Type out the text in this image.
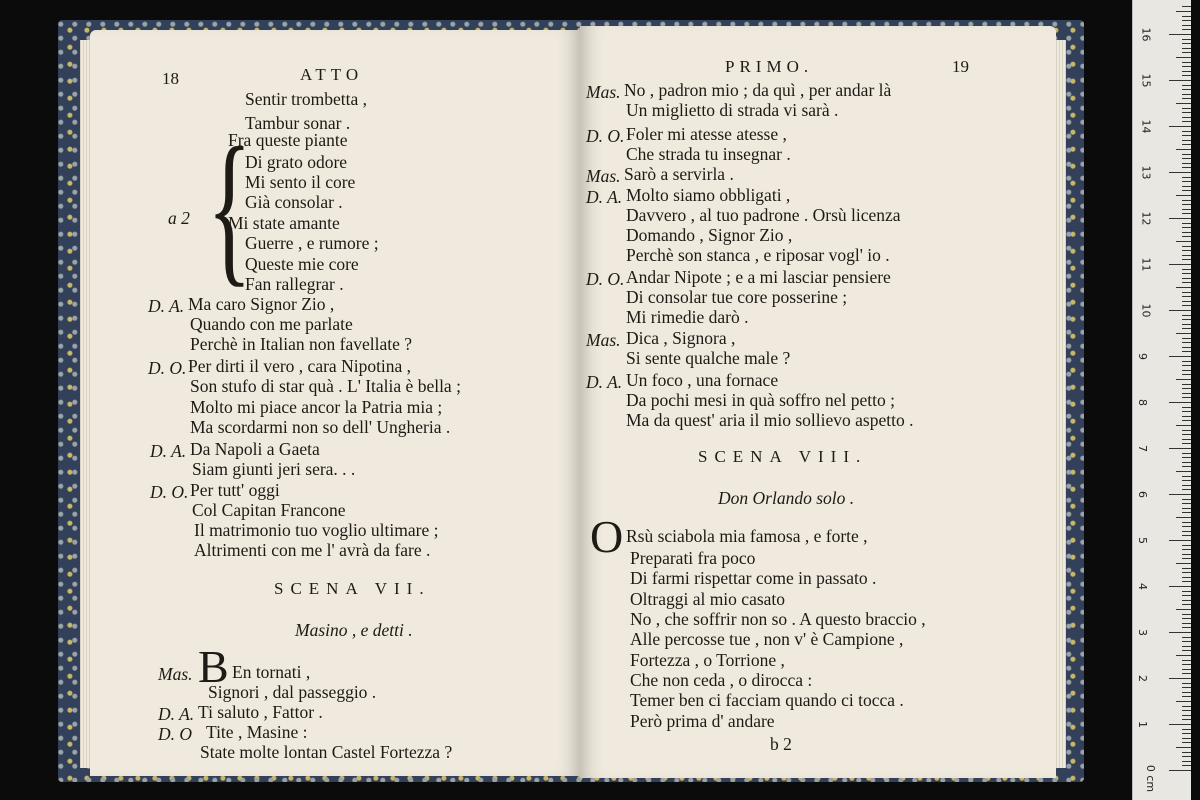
18	ATTO
Sentir trombetta ,
Tambur sonar .
{
a 2
Fra queste piante
Di grato odore
Mi sento il core
Già consolar .
Mi state amante
Guerre , e rumore ;
Queste mie core
Fan rallegrar .
D. A. Ma caro Signor Zio ,
Quando con me parlate
Perchè in Italian non favellate ?
D. O. Per dirti il vero , cara Nipotina ,
Son stufo di star quà . L' Italia è bella ;
Molto mi piace ancor la Patria mia ;
Ma scordarmi non so dell' Ungheria .
D. A. Da Napoli a Gaeta
Siam giunti jeri sera. . .
D. O. Per tutt' oggi
Col Capitan Francone
Il matrimonio tuo voglio ultimare ;
Altrimenti con me l' avrà da fare .
SCENA VII.
Masino , e detti .
Mas. B En tornati ,
Signori , dal passeggio .
D. A. Ti saluto , Fattor .
D. O Tite , Masine :
State molte lontan Castel Fortezza ?
PRIMO.	19
Mas. No , padron mio ; da quì , per andar là
Un miglietto di strada vi sarà .
D. O. Foler mi atesse atesse ,
Che strada tu insegnar .
Mas. Sarò a servirla .
D. A. Molto siamo obbligati ,
Davvero , al tuo padrone . Orsù licenza
Domando , Signor Zio ,
Perchè son stanca , e riposar vogl' io .
D. O. Andar Nipote ; e a mi lasciar pensiere
Di consolar tue core posserine ;
Mi rimedie darò .
Mas. Dica , Signora ,
Si sente qualche male ?
D. A. Un foco , una fornace
Da pochi mesi in quà soffro nel petto ;
Ma da quest' aria il mio sollievo aspetto .
SCENA VIII.
Don Orlando solo .
O Rsù sciabola mia famosa , e forte ,
Preparati fra poco
Di farmi rispettar come in passato .
Oltraggi al mio casato
No , che soffrir non so . A questo braccio ,
Alle percosse tue , non v' è Campione ,
Fortezza , o Torrione ,
Che non ceda , o dirocca :
Temer ben ci facciam quando ci tocca .
Però prima d' andare
b 2
1
2
3
4
5
6
7
8
9
10
11
12
13
14
15
16
0 cm
